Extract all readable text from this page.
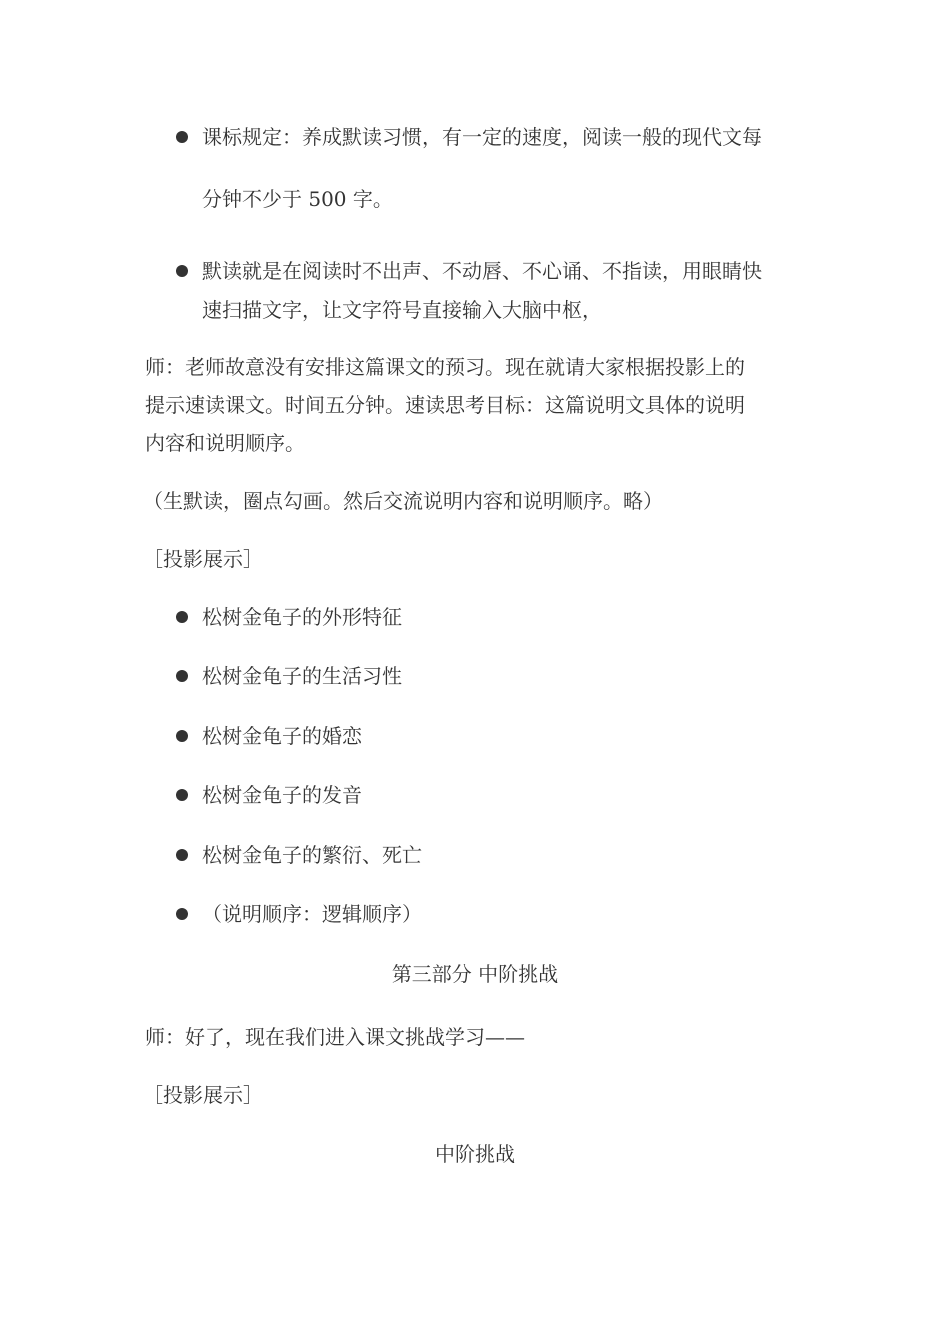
课标规定：养成默读习惯，有一定的速度，阅读一般的现代文每
分钟不少于 500 字。
默读就是在阅读时不出声、不动唇、不心诵、不指读，用眼睛快
速扫描文字，让文字符号直接输入大脑中枢，
师：老师故意没有安排这篇课文的预习。现在就请大家根据投影上的
提示速读课文。时间五分钟。速读思考目标：这篇说明文具体的说明
内容和说明顺序。
（生默读，圈点勾画。然后交流说明内容和说明顺序。略）
［投影展示］
松树金龟子的外形特征
松树金龟子的生活习性
松树金龟子的婚恋
松树金龟子的发音
松树金龟子的繁衍、死亡
（说明顺序：逻辑顺序）
第三部分 中阶挑战
师：好了，现在我们进入课文挑战学习——
［投影展示］
中阶挑战
